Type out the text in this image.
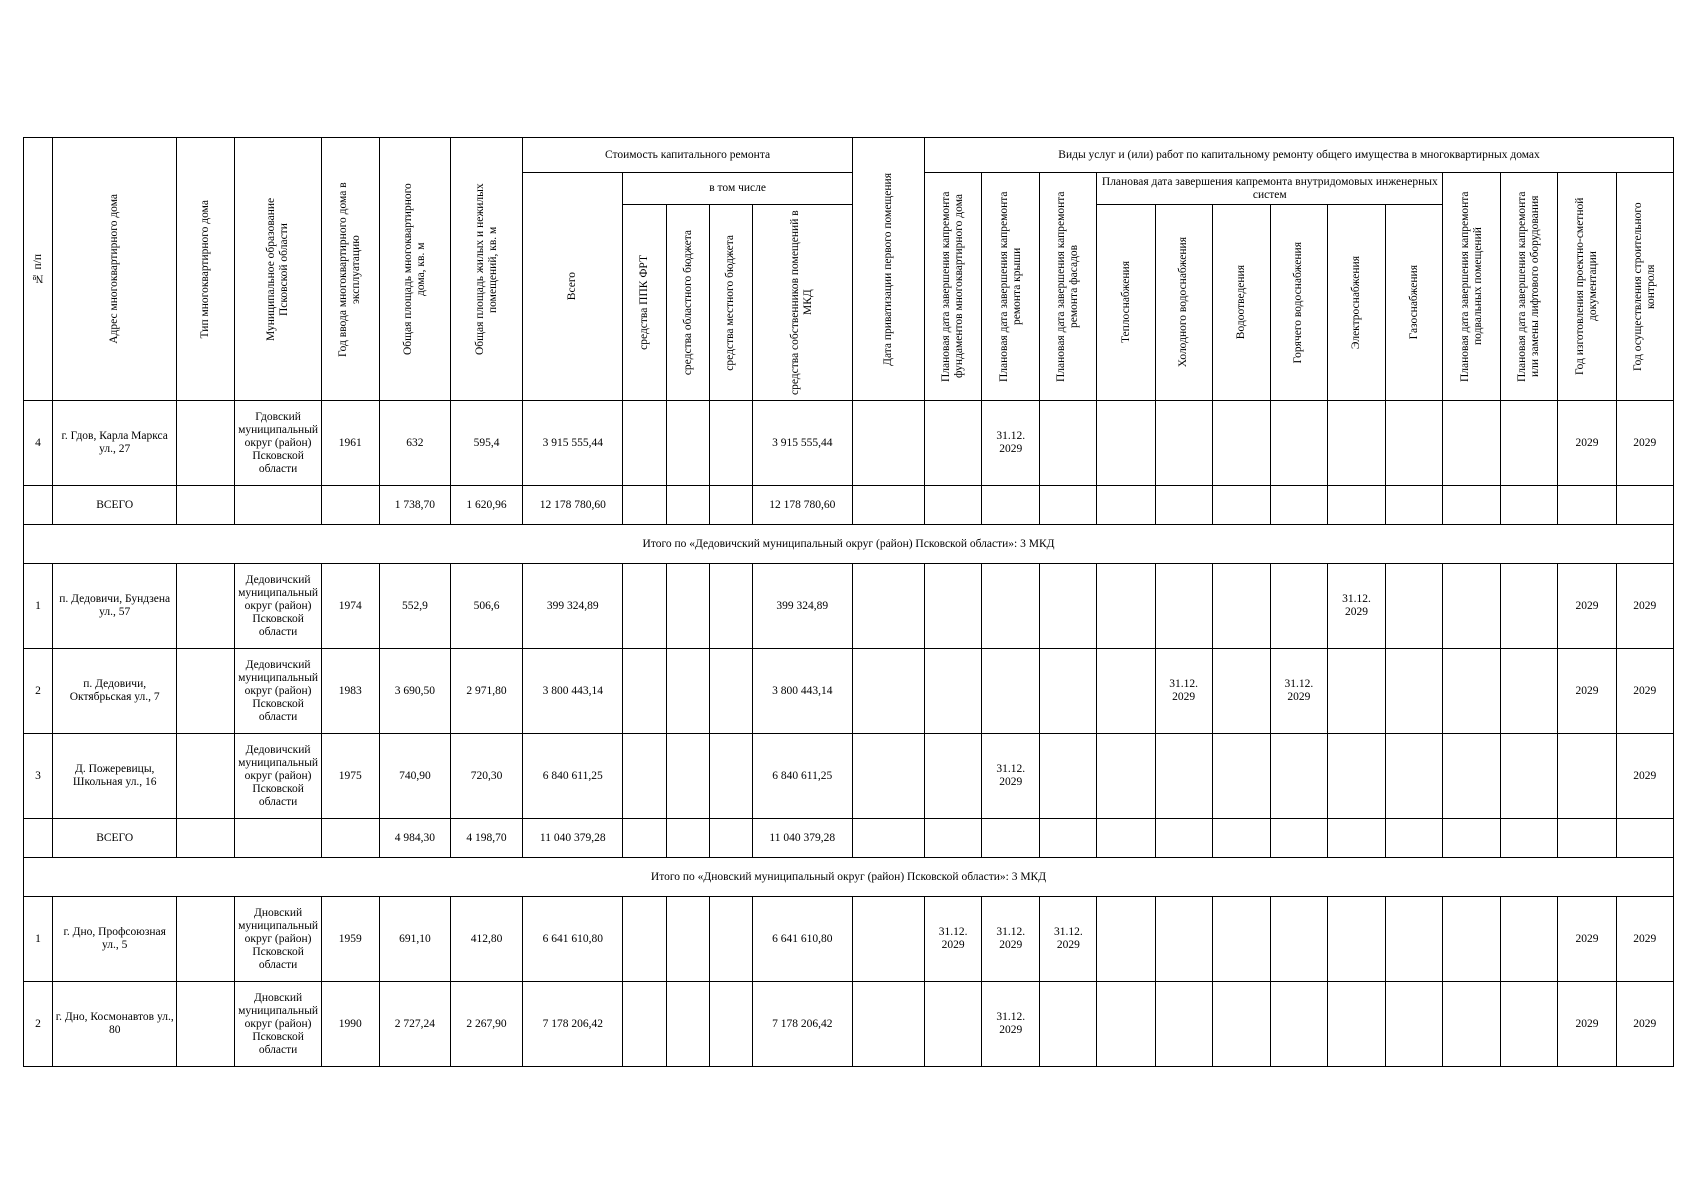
№ п/п	Адрес многоквартирного дома	Тип многоквартирного дома	Муниципальное образование Псковской области	Год ввода многоквартирного дома в эксплуатацию	Общая площадь многоквартирного дома, кв. м	Общая площадь жилых и нежилых помещений, кв. м	Стоимость капитального ремонта					Дата приватизации первого помещения	Виды услуг и (или) работ по капитальному ремонту общего имущества в многоквартирных домах												

							Всего	в том числе					Плановая дата завершения капремонта фундаментов многоквартирного дома	Плановая дата завершения капремонта ремонта крыши	Плановая дата завершения капремонта ремонта фасадов	Плановая дата завершения капремонта внутридомовых инженерных систем						Плановая дата завершения капремонта подвальных помещений	Плановая дата завершения капремонта или замены лифтового оборудования	Год изготовления проектно-сметной документации	Год осуществления строительного контроля

								средства ППК ФРТ	средства областного бюджета	средства местного бюджета	средства собственников помещений в МКД					Теплоснабжения	Холодного водоснабжения	Водоотведения	Горячего водоснабжения	Электроснабжения	Газоснабжения				

4	г. Гдов, Карла Маркса ул., 27		Гдовский муниципальный округ (район) Псковской области	1961	632	595,4	3 915 555,44				3 915 555,44			31.12. 2029										2029	2029
	ВСЕГО				1 738,70	1 620,96	12 178 780,60				12 178 780,60														
Итого по «Дедовичский муниципальный округ (район) Псковской области»: 3 МКД																									
1	п. Дедовичи, Бундзена ул., 57		Дедовичский муниципальный округ (район) Псковской области	1974	552,9	506,6	399 324,89				399 324,89									31.12. 2029				2029	2029
2	п. Дедовичи, Октябрьская ул., 7		Дедовичский муниципальный округ (район) Псковской области	1983	3 690,50	2 971,80	3 800 443,14				3 800 443,14						31.12. 2029		31.12. 2029					2029	2029
3	Д. Пожеревицы, Школьная ул., 16		Дедовичский муниципальный округ (район) Псковской области	1975	740,90	720,30	6 840 611,25				6 840 611,25			31.12. 2029											2029
	ВСЕГО				4 984,30	4 198,70	11 040 379,28				11 040 379,28														
Итого по «Дновский муниципальный округ (район) Псковской области»: 3 МКД																									
1	г. Дно, Профсоюзная ул., 5		Дновский муниципальный округ (район) Псковской области	1959	691,10	412,80	6 641 610,80				6 641 610,80		31.12. 2029	31.12. 2029	31.12. 2029									2029	2029
2	г. Дно, Космонавтов ул., 80		Дновский муниципальный округ (район) Псковской области	1990	2 727,24	2 267,90	7 178 206,42				7 178 206,42			31.12. 2029										2029	2029
